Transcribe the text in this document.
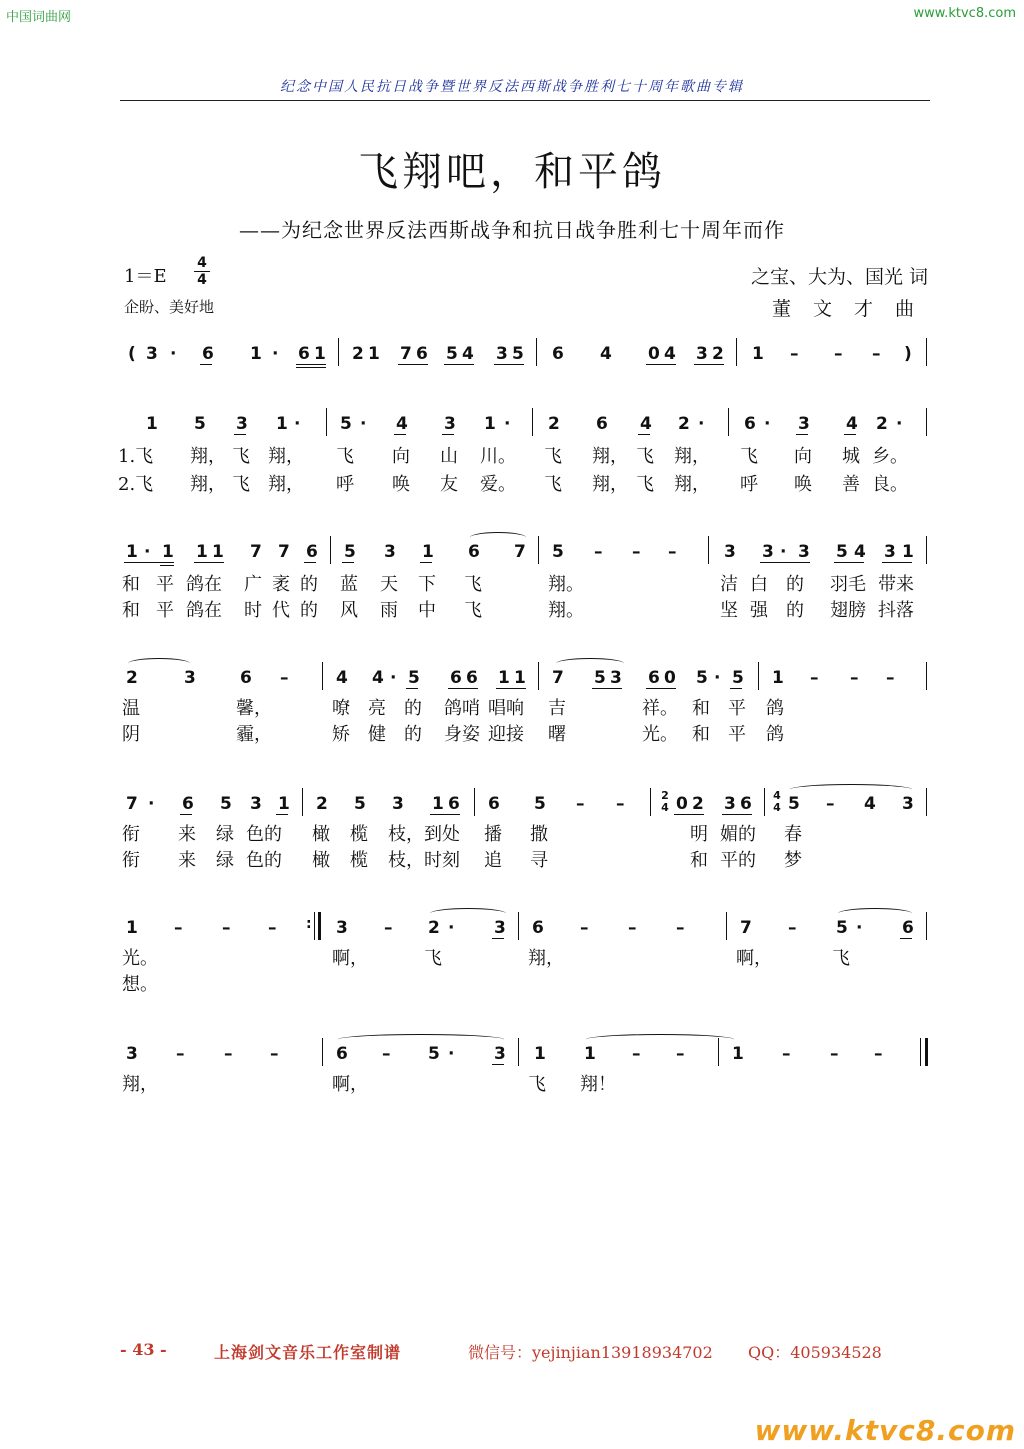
中国词曲网	www.ktvc8.com
纪念中国人民抗日战争暨世界反法西斯战争胜利七十周年歌曲专辑
飞翔吧，和平鸽
——为纪念世界反法西斯战争和抗日战争胜利七十周年而作
1＝E
4
4
企盼、美好地
之宝、大为、国光 词
董文才曲
( 3 · 6 1 · 6 1 2 1 7 6 5 4 3 5 6 4 0 4 3 2 1 – – – )
1 5 3 1 · 5 · 4 3 1 · 2 6 4 2 · 6 · 3 4 2 ·
1.飞 翔， 飞 翔， 飞 向 山 川。 飞 翔， 飞 翔， 飞 向 城 乡。
2.飞 翔， 飞 翔， 呼 唤 友 爱。 飞 翔， 飞 翔， 呼 唤 善 良。
1 · 1 1 1 7 7 6 5 3 1 6 7 5 – – –	3 3 · 3 5 4 3 1
和 平 鸽在 广 袤 的 蓝 天 下 飞	翔。	洁 白 的 羽毛 带来
和 平 鸽在 时 代 的 风 雨 中 飞	翔。	坚 强 的 翅膀 抖落
2	3	6 –	4 4 · 5 6 6 1 1 7 5 3 6 0 5 · 5 1 – – –
温	馨，	嘹 亮 的 鸽哨 唱响 吉	祥。 和 平 鸽
阴	霾，	矫 健 的 身姿 迎接 曙	光。 和 平 鸽
7 · 6 5 3 1 2 5 3 1 6 6 5 – –	2
4 0 2 3 6 4
4 5 – 4 3
衔 来 绿 色的 橄 榄 枝，到处 播 撒	明 媚的 春
衔 来 绿 色的 橄 榄 枝，时刻 追 寻	和 平的 梦
1 – – – : 3 – 2 · 3 6 – – –	7 – 5 · 6
光。	啊，	飞	翔，	啊，	飞
想。
3 – – –	6 – 5 · 3 1 1 – –	1 – – –
翔，	啊，	飞 翔！
- 43 -	上海剑文音乐工作室制谱	微信号：yejinjian13918934702 QQ：405934528
www.ktvc8.com
